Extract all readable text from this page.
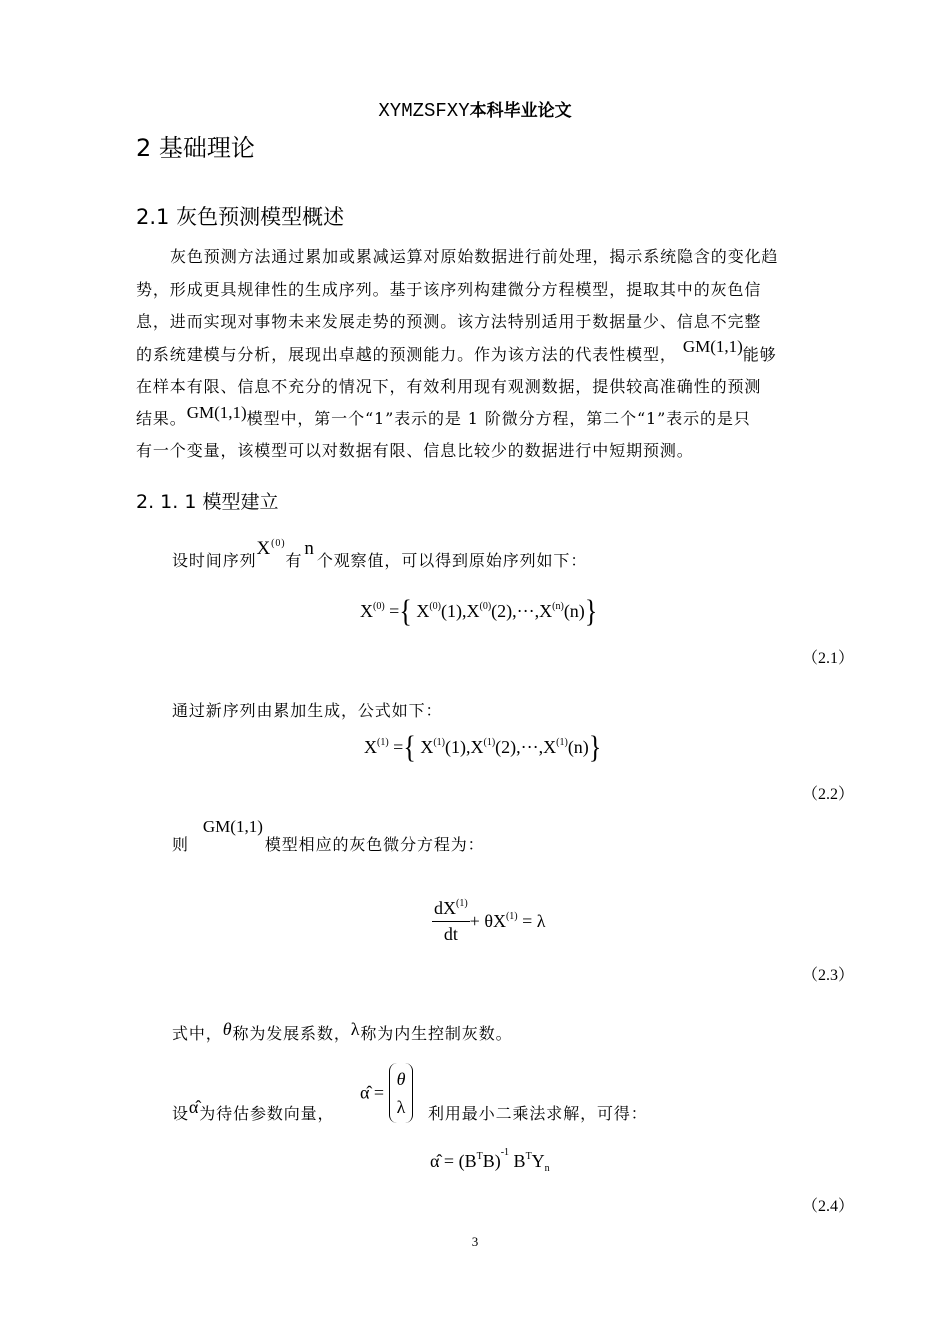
XYMZSFXY本科毕业论文
2 基础理论
2.1 灰色预测模型概述
灰色预测方法通过累加或累减运算对原始数据进行前处理，揭示系统隐含的变化趋
势，形成更具规律性的生成序列。基于该序列构建微分方程模型，提取其中的灰色信
息，进而实现对事物未来发展走势的预测。该方法特别适用于数据量少、信息不完整
的系统建模与分析，展现出卓越的预测能力。作为该方法的代表性模型， GM(1,1)能够
在样本有限、信息不充分的情况下，有效利用现有观测数据，提供较高准确性的预测
结果。GM(1,1)模型中，第一个“1”表示的是 1 阶微分方程，第二个“1”表示的是只
有一个变量，该模型可以对数据有限、信息比较少的数据进行中短期预测。
2. 1. 1 模型建立
设时间序列$X^{(0)}$有n个观察值，可以得到原始序列如下：
$X^{(0)}$ ={ $X^{(0)}(1),X^{(0)}(2),\cdot\cdot\cdot,X^{(n)}(n)$}
（2.1）
通过新序列由累加生成，公式如下：
$X^{(1)}$ ={ $X^{(1)}(1),X^{(1)}(2),\cdot\cdot\cdot,X^{(1)}(n)$}
（2.2）
则GM(1,1)模型相应的灰色微分方程为：
$\frac{dX^{(1)}}{dt} + \theta X^{(1)} = \lambda$
（2.3）
式中，θ称为发展系数，λ称为内生控制灰数。
设α̂为待估参数向量，
α̂ =
θ
λ 利用最小二乘法求解，可得：
α̂ = $(B^TB)^{-1}$ $B^TY_n$
（2.4）
3
